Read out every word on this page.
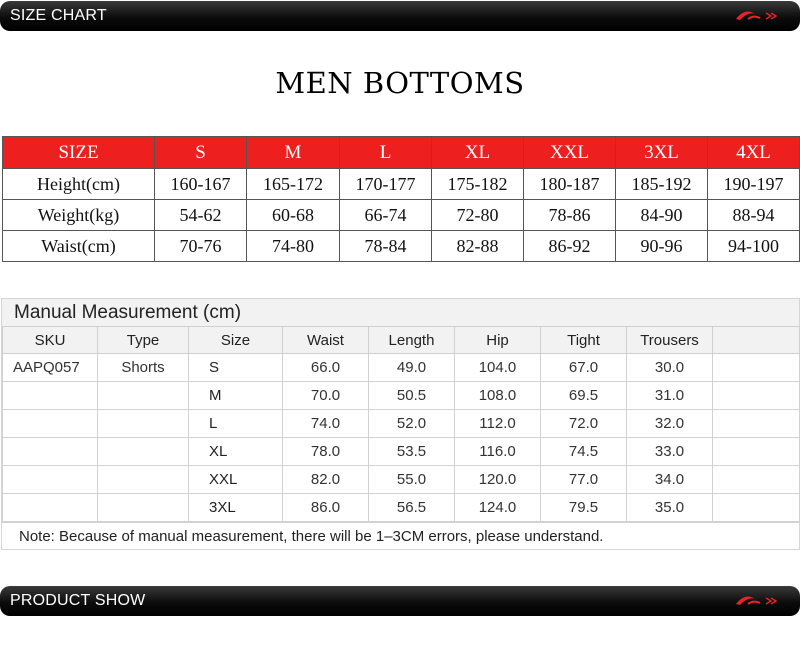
SIZE CHART
MEN BOTTOMS
SIZE	S	M	L	XL	XXL	3XL	4XL
Height(cm)	160-167	165-172	170-177	175-182	180-187	185-192	190-197
Weight(kg)	54-62	60-68	66-74	72-80	78-86	84-90	88-94
Waist(cm)	70-76	74-80	78-84	82-88	86-92	90-96	94-100
Manual Measurement (cm)
SKU	Type	Size	Waist	Length	Hip	Tight	Trousers	
AAPQ057	Shorts	S	66.0	49.0	104.0	67.0	30.0	
		M	70.0	50.5	108.0	69.5	31.0	
		L	74.0	52.0	112.0	72.0	32.0	
		XL	78.0	53.5	116.0	74.5	33.0	
		XXL	82.0	55.0	120.0	77.0	34.0	
		3XL	86.0	56.5	124.0	79.5	35.0	
Note: Because of manual measurement, there will be 1–3CM errors, please understand.
PRODUCT SHOW
